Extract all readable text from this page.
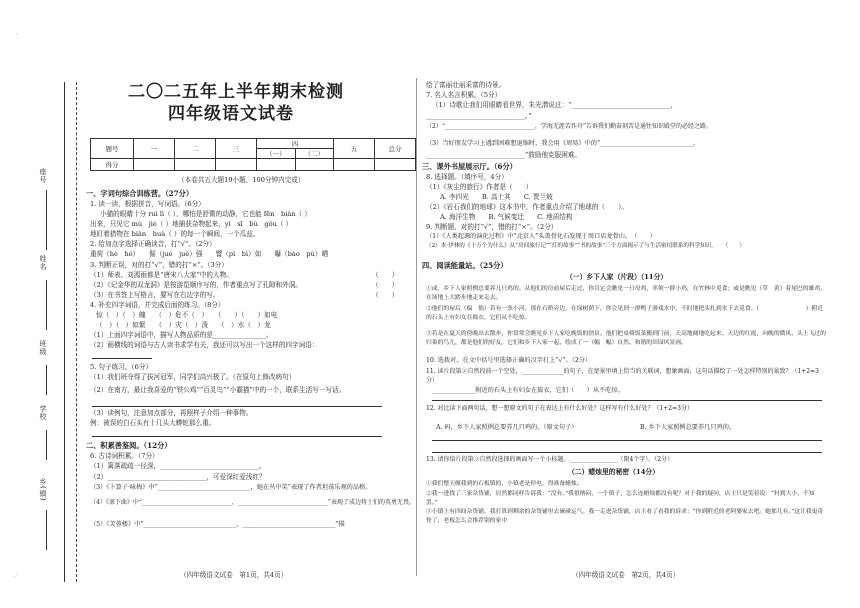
’
.·
座号
姓名
班级
学校
乡(镇)
二〇二五年上半年期末检测
四年级语文试卷
题号	一	二	三	四		五	总分
				（一）	（二）		
得分							
（本卷共五大题19小题，100分钟内完成）
一、字词句综合训练营。（27分）
1. 读一读，根据拼音，写词语。（6分）
小猫的眼睛十分 ruì lì（ ），哪怕是舒微的动静，它也能 fēn　biàn（ ）
出来，只见它 mù　jié（ ）地捕获杂物起来，yì　sī　bù　gǒu（ ）
地盯着猎物在 biàn　huà（ ）的每一个瞬间，一个瓜兹。
2. 给加点字选择正确读音，打“√”。（2分）
重荷（hè　hé）　　倔（jué　juè）强　　譬（pì　bì）如　　曝（bào　pù）晒
3. 判断正误，对的打“√”，错的打“×”。（3分）
（1）师表、刘源雨都是“唐宋八大家”中的人物。	（　　）
（2）《记金华的双龙洞》是按游览顺序写的，作者重点写了孔隙和外洞。	（　　）
（3）在书签上写格言，要写在右边字的写。	（　　）
4. 补充四字词语，并完成后面的练习。（8分）
惊（　）（　）魄　　（　）危不（　）　　（　　）（　　）如电
（　）（　）如繁　　（　）灾（　）泼　　（　）水（　）龙
（1）上面四字词语中，描写人物品质的是________________。
（2）画横线的词语与古人读书求学有关，我还可以写出一个这样的四字词语：
5. 句子练习。（6分）
（1）我们班夺得了拔河冠军，同学们高兴极了。（在原句上修改病句）
（2）在南方，最让我喜爱的“铁公鸡”“百灵鸟”“小霸猫”中的一个，联系生活写一写话。
（3）读例句，注意加点部分，再照样子介绍一种事物。
例：被误的白石头有十几头大蟒蛇那么重。
二、积累善鉴阅。（12分）
6. 古诗词积累。（7分）
（1）篱落疏疏一径深，______________________________。
（2）______________________________，可爱深红爱浅红？
（3）《卜算子·咏梅》中“______________________________，她在丛中笑”表现了作者坦荡乐观的品格。
（4）《塞下曲》中“______________________________，______________________________”表现了成边将士们的英勇无畏。
（5）《芙蓉楼》中“______________________________，______________________________”描
（四年级语文试卷　第1页，共4页）
绘了富丽壮丽采富的诗景。
7. 名人名言积累。（5分）
（1）诗歌让我们用眼睛看世界，朱光潜说过：“______________________________，
______________________________。”
（2）“______________________________，学海无涯苦作舟”告诉我们勤奋刻苦是通往知识殿堂的必经之路。
（3）当好朋友学习上遇到困难想退缩时，我会用《周易》中的“______________________________，
______________________________”鼓励他克服困难。
三、课外书屋展示厅。（6分）
8. 选择题。（填序号，4分）
（1）《灰尘的旅行》作者是（　　）
A. 李四光　　B. 高士其　　C. 贾兰坡
（2）《岩石我们的地球》这本书中，作者重点介绍了地球的（　　）。
A. 海洋生物　　B. 气候变迁　　C. 地质结构
9. 判断题，对的打“√”，错的打“×”。（2分）
（1）《人类起源的演化过程》中“北京人”头盖骨化石发现于周口店龙骨山。　（　　）
（2）本·伊林的《十万个为什么》从“房间旅行记”“灯的故事”“书的故事”三个方面揭示了与生活密切联系的科学知识。　　（　　）
四、阅读能量站。（25分）
（一）乡下人家（片段）（11分）
①或，乡下人家照例总要养几只鸡的。从他们的房前屋后走过，你肯定会瞧见一只母鸡，率领一群小鸡，在竹林中觅食；或是瞧见（草　黄）着尾巴的雄鸡，在场地上大踏步地走来走去。
②他们的屋后（偏　倘）若有一条小河，那在石桥旁边，在绿树荫下，你会见到一群鸭子游戏水中，不时地把头扎到水下去觅食。（　　　　　　　　）附近的石头上有妇女在捣衣，它们从不吃惊。
③若是在夏天的傍晚出去散步，你常常会瞧见乡下人家吃晚饭的情景。他们把桌椅饭菜搬到门前，天高地阔地吃起来。天边的红霞，向晚的微风，头上飞过的归巢的鸟儿，都是他们的好友。它们和乡下人家一起，绘成了一（幅　幅）自然、和谐的田园风景画。
10. 选拨对。在文中括号里选择正确的汉字打上“√”。（2分）
11. 读片段第②自然段前一个空处，______________的句子，在宽景里填上恰当的关联词，想象画面，这句话描绘了一处怎样特别的景致？（1+2=3分）
______________附近的石头上有妇女在捣衣，它们（　　）从不吃惊。
12. 对比读下面两句话，想一想原文的句子在表达上有什么好处？这样写有什么好处？（1+2=3分）
A. 码，乡下人家照例总要养几只鸡的。（原文句子）	B. 乡下人家照例总要养几只鸡的。
13. 请你给片段第③自然段选择的画面写一个小标题。________________（限4个字）。（2分）
（二）蜡烛里的秘密（14分）
①我们整天缠我到的石板镇的，小镇老是停电，得准备蜡烛。
②我一进找了三家杂货铺，居然都同样告诉我：“没有。”我很纳闷，一个镇子，怎么连蜡烛都没有呢？对于我的疑问，店主只是笑着说：“村到大小，不知罢。”
③小镇上有四间杂货铺，我打算到剩余的杂货铺里去碰碰运气。我一走进杂货铺，店主看了看我的诉求：“你到附近的老阿婆家去吧。她那儿有。”这让我更奇怪了，老板怎么会推荐别的家中
（四年级语文试卷　第2页，共4页）
